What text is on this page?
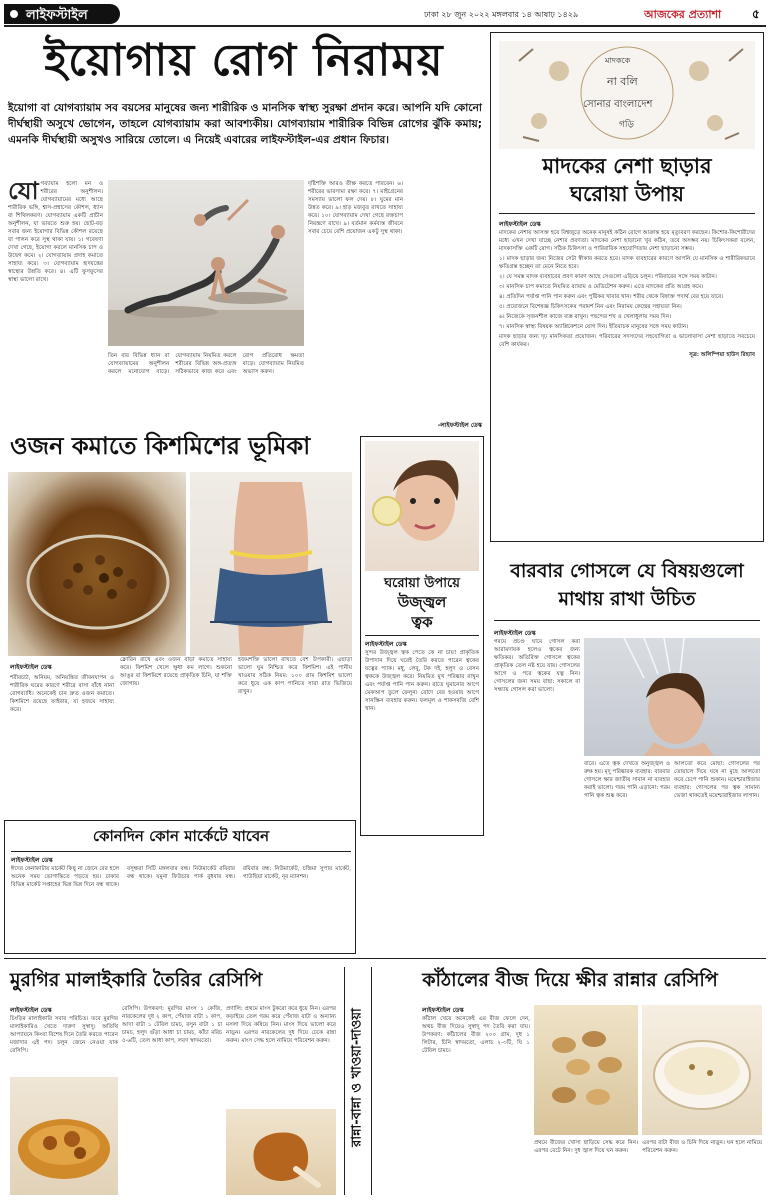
লাইফস্টাইল	ঢাকা ২৮ জুন ২০২২ মঙ্গলবার ১৪ আষাঢ় ১৪২৯	আজকের প্রত্যাশা	৫
ইয়োগায় রোগ নিরাময়
ইয়োগা বা যোগব্যায়াম সব বয়সের মানুষের জন্য শারীরিক ও মানসিক স্বাস্থ্য সুরক্ষা প্রদান করে। আপনি যদি কোনো দীর্ঘস্থায়ী অসুখে ভোগেন, তাহলে যোগব্যায়াম করা আবশ্যকীয়। যোগব্যায়াম শারীরিক বিভিন্ন রোগের ঝুঁকি কমায়; এমনকি দীর্ঘস্থায়ী অসুখও সারিয়ে তোলে। এ নিয়েই এবারের লাইফস্টাইল-এর প্রধান ফিচার।
যো গব্যায়াম হলো মন ও শরীরের অনুশীলন। যোগব্যায়ামের মধ্যে আছে শারীরিক ভঙ্গি, শ্বাস-প্রশ্বাসের কৌশল, ধ্যান বা শিথিলকরণ। যোগব্যায়াম একটি প্রাচীন অনুশীলন, যা ভারতে শুরু হয়। ছোট-বড় সবার জন্য ইয়োগার বিভিন্ন কৌশল রয়েছে যা পালন করে সুস্থ থাকা যায়। ১। গবেষণা দেখা গেছে, ইয়োগা করলে মানসিক চাপ ও উদ্বেগ কমে। ২। যোগব্যায়াম প্রদাহ কমাতে সাহায্য করে। ৩। যোগব্যায়াম হৃদযন্ত্রের স্বাস্থ্যের উন্নতি করে। ৪। এটি ফুসফুসের স্বাস্থ্য ভালো রাখে।
দৃষ্টিশক্তি আরও তীক্ষ্ণ করতে পারবেন। ৬। শরীরের ভারসাম্য রক্ষা করে। ৭। মাইগ্রেনের সমস্যায় ভালো ফল দেয়। ৮। ঘুমের মান উন্নত করে। ৯। হাড় মজবুত রাখতে সাহায্য করে। ১০। যোগব্যায়াম দেখা গেছে রক্তচাপ নিয়ন্ত্রণে রাখে। ৯। বর্তমান কর্মব্যস্ত জীবনে সবার চেয়ে বেশি প্রয়োজন একটু সুস্থ থাকা।
তিন বার বিভিন্ন ধ্যান বা যোগব্যায়ামের অনুশীলন করলে মনোযোগ বাড়ে। যোগব্যায়াম নিয়মিত করলে শরীরের বিভিন্ন অঙ্গ-প্রত্যঙ্গ সঠিকভাবে কাজ করে এবং রোগ প্রতিরোধ ক্ষমতা বাড়ে। যোগব্যায়াম নিয়মিত অভ্যাস করুন।
-লাইফস্টাইল ডেস্ক
মাদককে
না বলি
সোনার বাংলাদেশ
গড়ি
মাদকের নেশা ছাড়ার
ঘরোয়া উপায়
লাইফস্টাইল ডেস্ক

মাদকের নেশায় আসক্ত হয়ে বিশ্বজুড়ে অনেক মানুষই কঠিন রোগে আক্রান্ত হয়ে মৃত্যুবরণ করছেন। কিশোর-কিশোরীদের মধ্যে এখন দেখা যাচ্ছে নেশার প্রবণতা। মাদকের নেশা ছাড়ানো খুব কঠিন, তবে অসম্ভব নয়। চিকিৎসকরা বলেন, মাদকাসক্তি একটি রোগ। সঠিক চিকিৎসা ও পারিবারিক সহযোগিতায় নেশা ছাড়ানো সম্ভব।

১। মাদক ছাড়ার জন্য নিজের সেটা স্বীকার করতে হবে। মাদক ব্যবহারের কারণে আপনি যে মানসিক ও শারীরিকভাবে ক্ষতিগ্রস্ত হচ্ছেন তা মেনে নিতে হবে।

২। যে সমস্ত মাদক ব্যবহারের প্রবণ কারণ আছে সেগুলো এড়িয়ে চলুন। পরিবারের সঙ্গে সময় কাটান।

৩। মানসিক চাপ কমাতে নিয়মিত ব্যায়াম ও মেডিটেশন করুন। এতে মাদকের প্রতি আগ্রহ কমে।

৪। প্রতিদিন পর্যাপ্ত পানি পান করুন এবং পুষ্টিকর খাবার খান। শরীর থেকে বিষাক্ত পদার্থ বের হয়ে যাবে।

৫। প্রয়োজনে বিশেষজ্ঞ চিকিৎসকের পরামর্শ নিন এবং নিরাময় কেন্দ্রের সহায়তা নিন।

৬। নিজেকে সৃজনশীল কাজে ব্যস্ত রাখুন। পছন্দের শখ ও খেলাধুলায় সময় দিন।

৭। মানসিক স্বাস্থ্য বিষয়ক অ্যাপ্লিকেশনে যোগ দিন। ইতিবাচক মানুষের সঙ্গে সময় কাটান।

মাদক ছাড়ার জন্য দৃঢ় মানসিকতা প্রয়োজন। পরিবারের সদস্যদের সহযোগিতা ও ভালোবাসা নেশা ছাড়াতে সবচেয়ে বেশি কার্যকর।

সূত্র: অলিম্পিয়া হাউস রিহ্যাব

ওজন কমাতে কিশমিশের ভূমিকা
লাইফস্টাইল ডেস্ক
শরীরচর্চা, অনিয়ম, অনিয়ন্ত্রিত জীবনযাপন ও শারীরিক ঘরের কারণে শরীরে বাসা বাঁধে নানা রোগব্যাধি। অনেকেই চান দ্রুত ওজন কমাতে। কিশমিশে রয়েছে ফাইবার, যা হজমে সাহায্য করে।
ক্লোরিন রাখে এবং ওজন বাড়া কমাতে সাহায্য করে। কিশমিশ খেলে ক্ষুধা কম লাগে। শুকনো আঙুর বা কিশমিশে রয়েছে প্রাকৃতিক চিনি, যা শক্তি জোগায়।
হজমশক্তি ভালো রাখতে বেশ উপকারী। এছাড়া ভালো ঘুম নিশ্চিত করে কিশমিশ। এই পানীয় খাওয়ার সঠিক নিয়ম: ১০০ গ্রাম কিশমিশ ভালো করে ধুয়ে এক কাপ পানিতে সারা রাত ভিজিয়ে রাখুন।
ঘরোয়া উপায়ে
উজ্জ্বল
ত্বক
লাইফস্টাইল ডেস্ক
সুন্দর উজ্জ্বল ত্বক পেতে কে না চায়! প্রাকৃতিক উপাদান দিয়ে ঘরেই তৈরি করতে পারেন ত্বকের যত্নের প্যাক। মধু, লেবু, টক দই, হলুদ ও বেসন ত্বককে উজ্জ্বল করে। নিয়মিত মুখ পরিষ্কার রাখুন এবং পর্যাপ্ত পানি পান করুন। রাতে ঘুমানোর আগে মেকআপ তুলে ফেলুন। রোদে বের হওয়ার আগে সানস্ক্রিন ব্যবহার করুন। ফলমূল ও শাকসবজি বেশি খান।
বারবার গোসলে যে বিষয়গুলো
মাথায় রাখা উচিত
লাইফস্টাইল ডেস্ক
গরমে প্রচণ্ড ঘামে গোসল করা আরামদায়ক হলেও ত্বকের জন্য ক্ষতিকর। অতিরিক্ত গোসলে ত্বকের প্রাকৃতিক তেল নষ্ট হয়ে যায়। গোসলের আগে ও পরে ত্বকের যত্ন নিন। গোসলের জন্য সময় বাছা: সকালে বা সন্ধ্যায় গোসল করা ভালো।
বারে। এতে ত্বক দেখতে অনুজ্জ্বল ও রুক্ষ হয়। মৃদু পরিষ্কারক ব্যবহার: বারবার গোসলে ক্ষার জাতীয় সাবান না ব্যবহার করাই ভালো। গরম পানি এড়ানো: গরম পানি ত্বক শুষ্ক করে।
আলতো করে মোছা: গোসলের পর তোয়ালে দিয়ে ঘষে না মুছে আলতো করে চেপে পানি শুকান। ময়েশ্চারাইজার ব্যবহার: গোসলের পর ত্বক সামান্য ভেজা থাকতেই ময়েশ্চারাইজার লাগান।
কোনদিন কোন মার্কেটে যাবেন
লাইফস্টাইল ডেস্ক
ঈদের কেনাকাটায় মার্কেট কিছু না জেনে বের হলে অনেক সময় ভোগান্তিতে পড়তে হয়। ঢাকার বিভিন্ন মার্কেট সপ্তাহের ভিন্ন ভিন্ন দিনে বন্ধ থাকে। বসুন্ধরা সিটি মঙ্গলবার বন্ধ। নিউমার্কেট রবিবার বন্ধ থাকে। যমুনা ফিউচার পার্ক বুধবার বন্ধ। রবিবার বন্ধ: নিউমার্কেট, চন্দ্রিমা সুপার মার্কেট, গাউছিয়া মার্কেট, নূর ম্যানশন।
রান্না-বান্না ও খাওয়া-দাওয়া
মুরগির মালাইকারি তৈরির রেসিপি
লাইফস্টাইল ডেস্ক
চিংড়ির মালাইকারি সবার পরিচিত। তবে মুরগির মালাইকারিও খেতে দারুণ সুস্বাদু। অতিথি আপ্যায়নে কিংবা বিশেষ দিনে তৈরি করতে পারেন মজাদার এই পদ। চলুন জেনে নেওয়া যাক রেসিপি।
রেসিপি। উপকরণ: মুরগির মাংস ১ কেজি, নারকেলের দুধ ২ কাপ, পেঁয়াজ বাটা ১ কাপ, আদা বাটা ১ টেবিল চামচ, রসুন বাটা ১ চা চামচ, হলুদ গুঁড়া আধা চা চামচ, কাঁচা মরিচ ৫-৬টি, তেল আধা কাপ, লবণ স্বাদমতো।
প্রণালি: প্রথমে মাংস টুকরো করে ধুয়ে নিন। এরপর কড়াইয়ে তেল গরম করে পেঁয়াজ বাটা ও অন্যান্য মসলা দিয়ে কষিয়ে নিন। মাংস দিয়ে ভালো করে নাড়ুন। এরপর নারকেলের দুধ দিয়ে ঢেকে রান্না করুন। মাংস সেদ্ধ হলে নামিয়ে পরিবেশন করুন।
কাঁঠালের বীজ দিয়ে ক্ষীর রান্নার রেসিপি
লাইফস্টাইল ডেস্ক
কাঁঠাল খেয়ে অনেকেই এর বীজ ফেলে দেন, অথচ বীজ দিয়েও সুস্বাদু পদ তৈরি করা যায়। উপকরণ: কাঁঠালের বীজ ২০০ গ্রাম, দুধ ১ লিটার, চিনি স্বাদমতো, এলাচ ২-৩টি, ঘি ১ টেবিল চামচ।
প্রথমে বীজের খোসা ছাড়িয়ে সেদ্ধ করে নিন। এরপর বেটে নিন। দুধ জ্বাল দিয়ে ঘন করুন।
এরপর বাটা বীজ ও চিনি দিয়ে নাড়ুন। ঘন হলে নামিয়ে পরিবেশন করুন।
